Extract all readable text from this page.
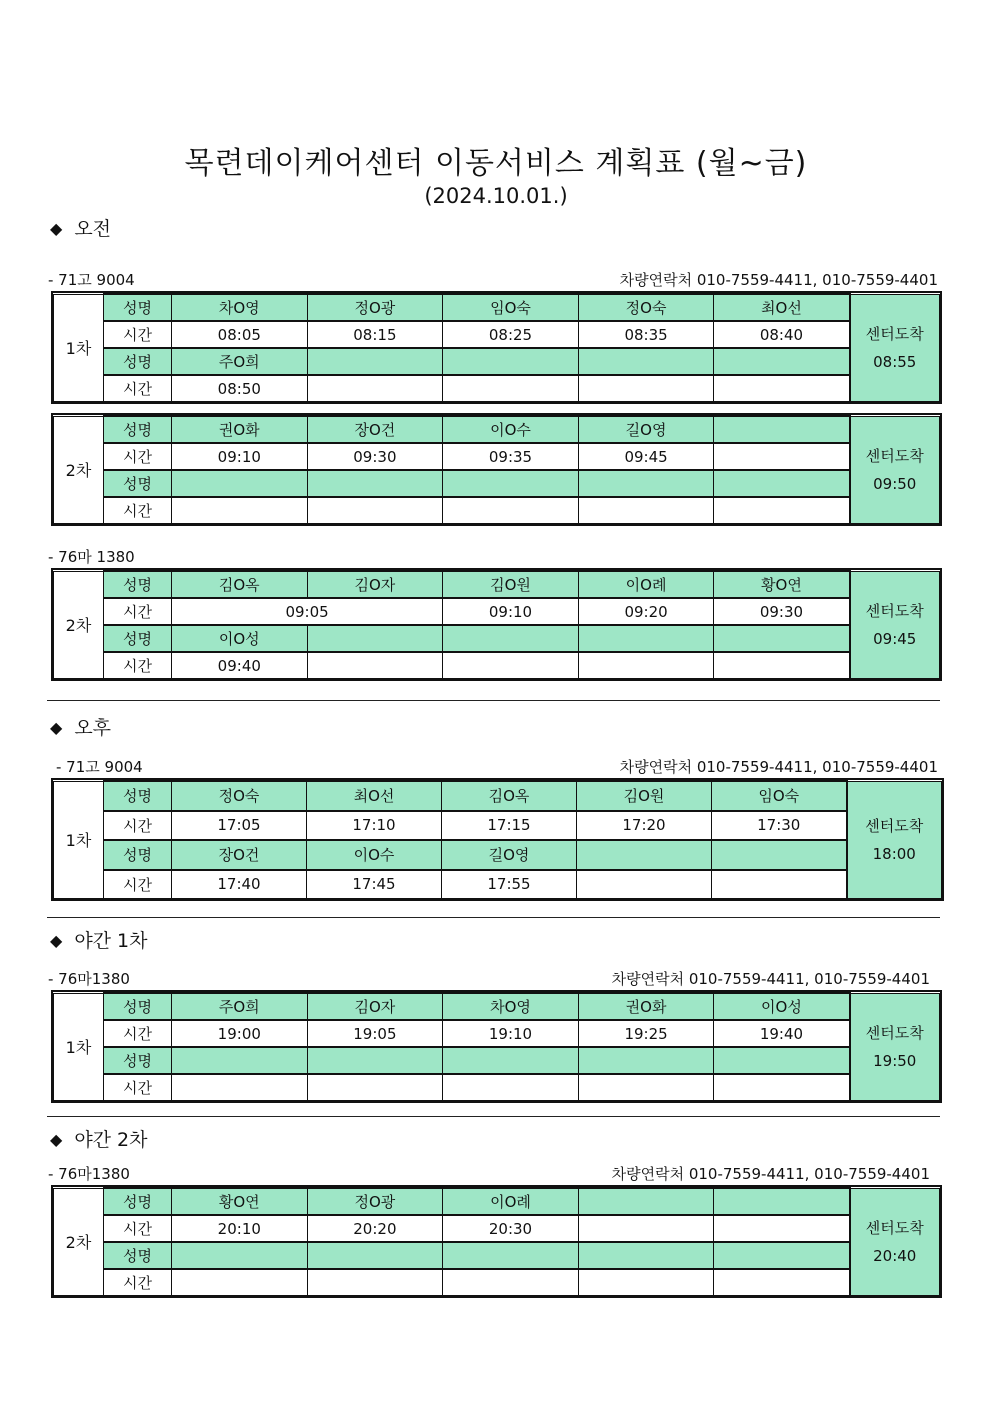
목련데이케어센터 이동서비스 계획표 (월~금)
(2024.10.01.)
◆ 오전
- 71고 9004	차량연락처 010-7559-4411, 010-7559-4401
1차	성명	차O영	정O광	임O숙	정O숙	최O선	센터도착
08:55

	시간	08:05	08:15	08:25	08:35	08:40	
	성명	주O희					
	시간	08:50					
2차	성명	권O화	장O건	이O수	길O영		센터도착
09:50

	시간	09:10	09:30	09:35	09:45		
	성명						
	시간						
- 76마 1380
2차	성명	김O옥	김O자	김O원	이O례	황O연	센터도착
09:45

	시간	09:05		09:10	09:20	09:30	
	성명	이O성					
	시간	09:40					
◆ 오후
- 71고 9004	차량연락처 010-7559-4411, 010-7559-4401
1차	성명	정O숙	최O선	김O옥	김O원	임O숙	센터도착
18:00

	시간	17:05	17:10	17:15	17:20	17:30	
	성명	장O건	이O수	길O영			
	시간	17:40	17:45	17:55			
◆ 야간 1차
- 76마1380	차량연락처 010-7559-4411, 010-7559-4401
1차	성명	주O희	김O자	차O영	권O화	이O성	센터도착
19:50

	시간	19:00	19:05	19:10	19:25	19:40	
	성명						
	시간						
◆ 야간 2차
- 76마1380	차량연락처 010-7559-4411, 010-7559-4401
2차	성명	황O연	정O광	이O례			센터도착
20:40

	시간	20:10	20:20	20:30			
	성명						
	시간						
